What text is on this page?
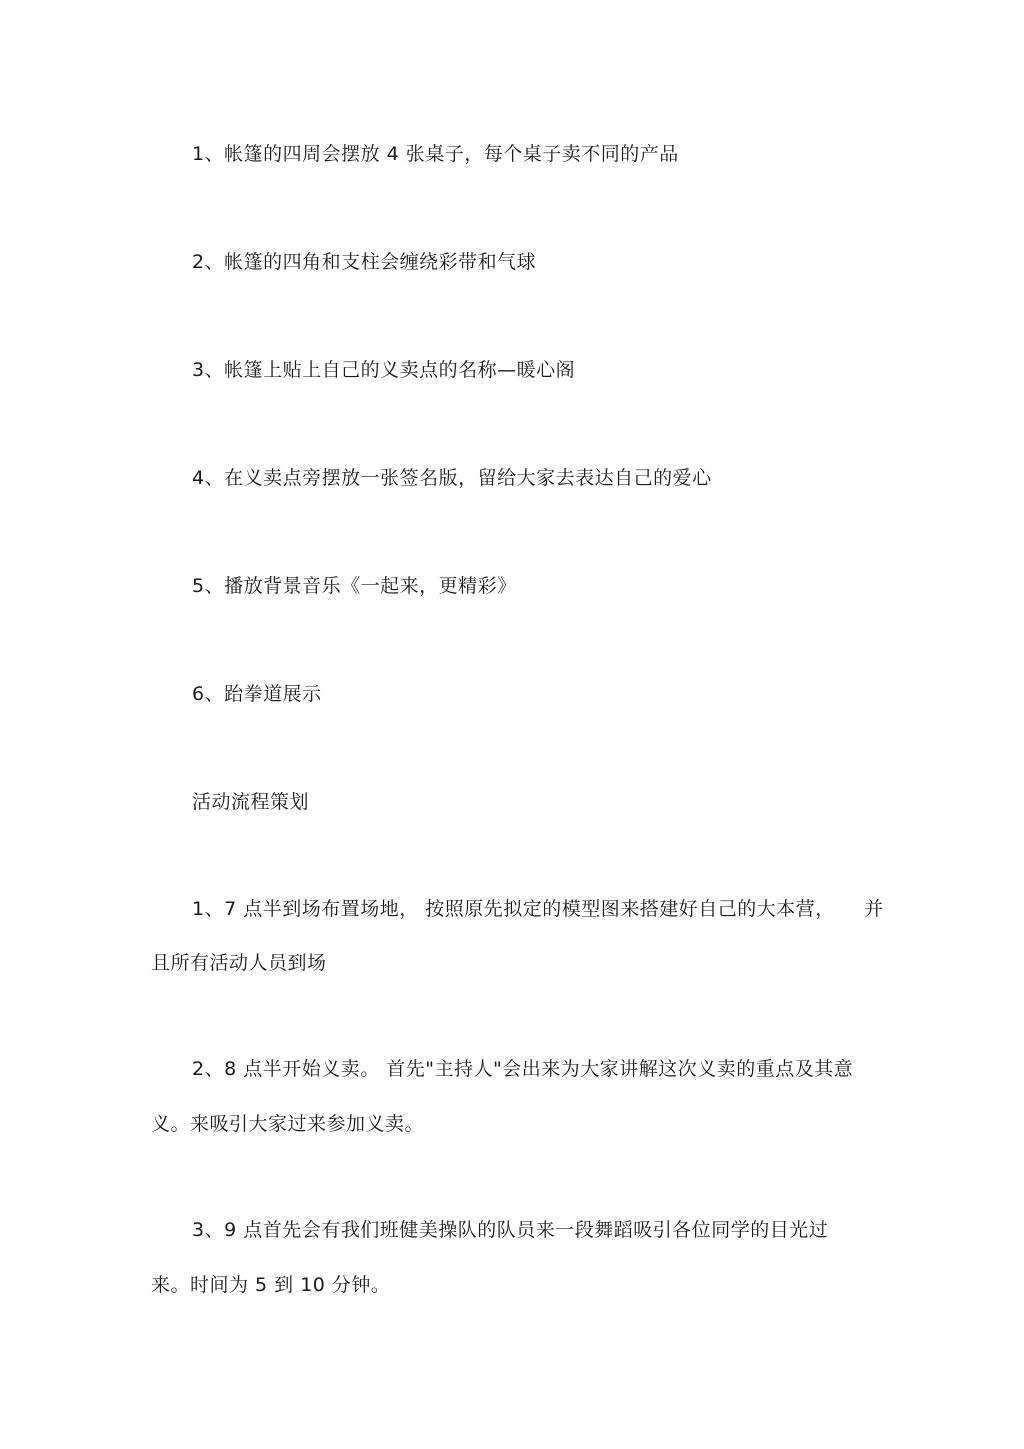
1、帐篷的四周会摆放 4 张桌子，每个桌子卖不同的产品
2、帐篷的四角和支柱会缠绕彩带和气球
3、帐篷上贴上自己的义卖点的名称—暖心阁
4、在义卖点旁摆放一张签名版，留给大家去表达自己的爱心
5、播放背景音乐《一起来，更精彩》
6、跆拳道展示
活动流程策划
1、7 点半到场布置场地， 按照原先拟定的模型图来搭建好自己的大本营，　　并
且所有活动人员到场
2、8 点半开始义卖。 首先"主持人"会出来为大家讲解这次义卖的重点及其意
义。来吸引大家过来参加义卖。
3、9 点首先会有我们班健美操队的队员来一段舞蹈吸引各位同学的目光过
来。时间为 5 到 10 分钟。
